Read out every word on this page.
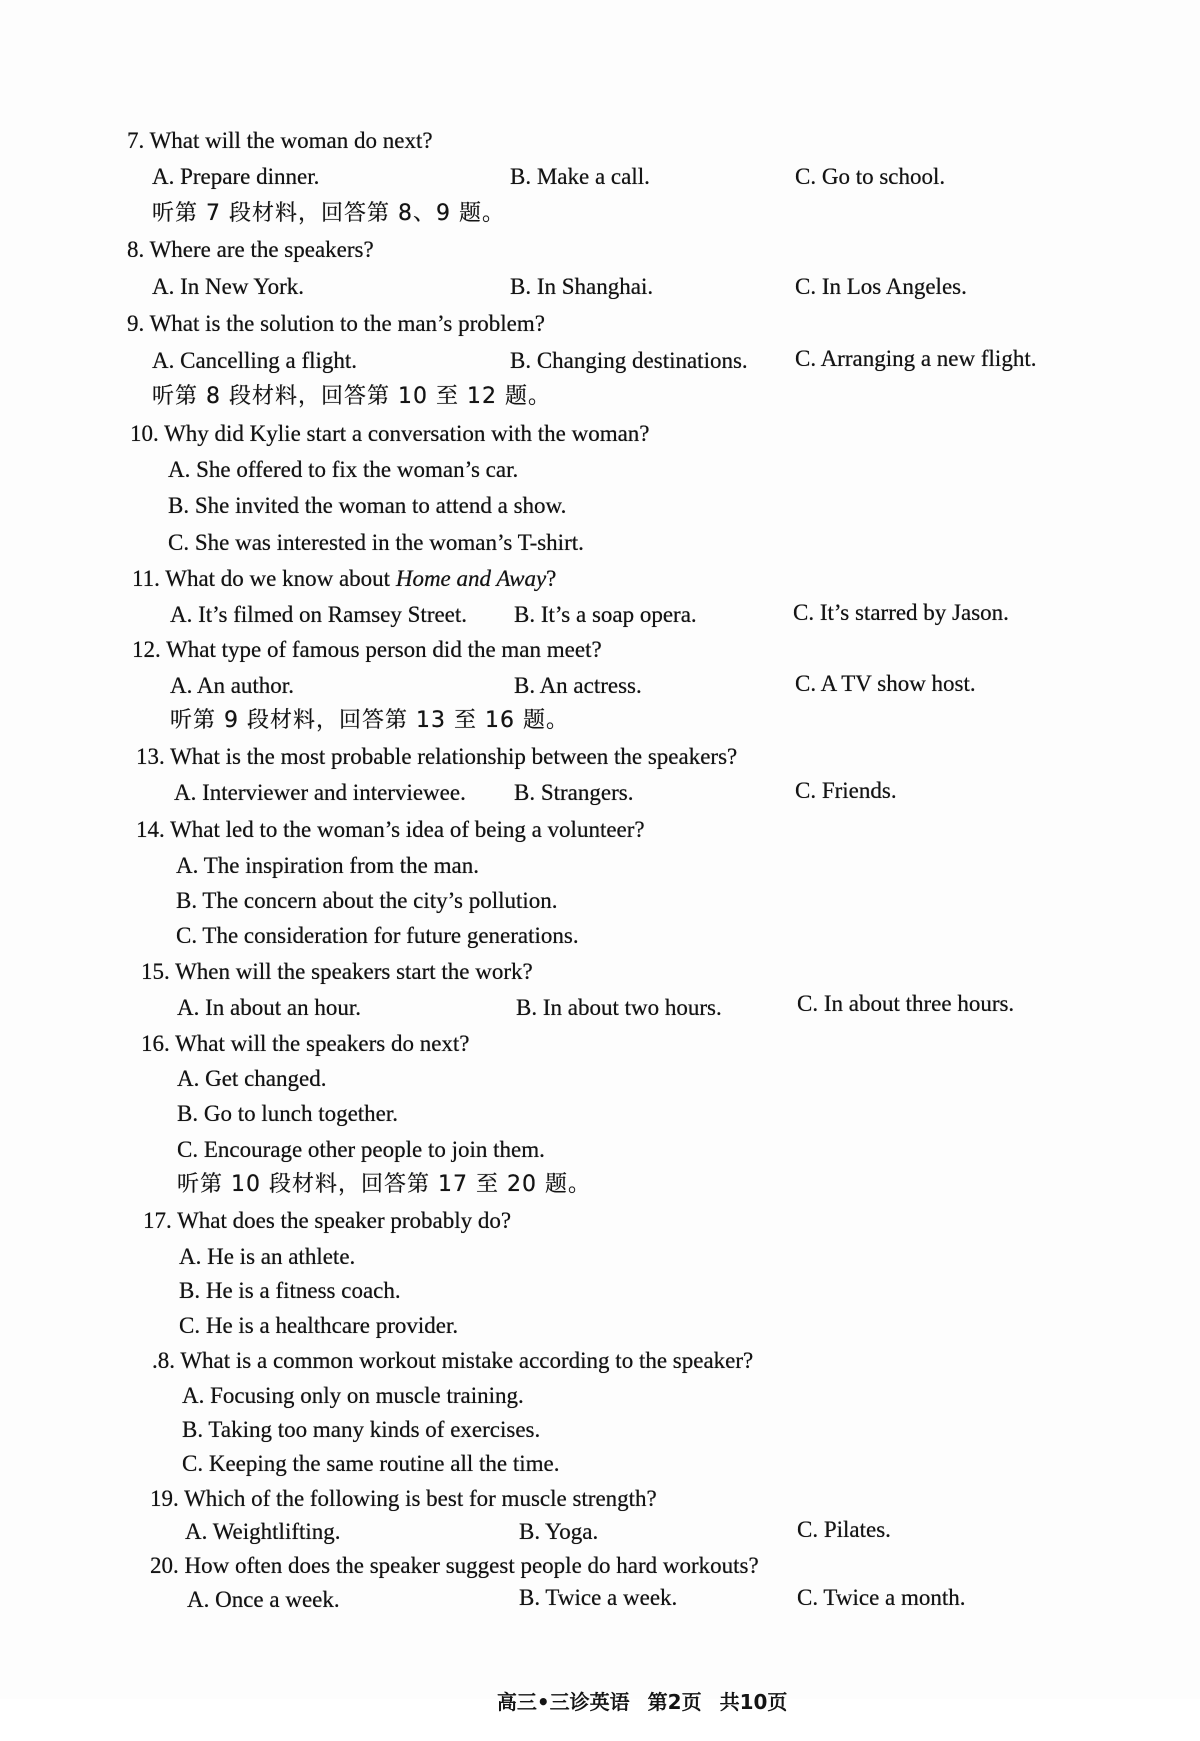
7. What will the woman do next?
A. Prepare dinner.	B. Make a call.	C. Go to school.
听第 7 段材料，回答第 8、9 题。
8. Where are the speakers?
A. In New York.	B. In Shanghai.	C. In Los Angeles.
9. What is the solution to the man’s problem?
A. Cancelling a flight.	B. Changing destinations. C. Arranging a new flight.
听第 8 段材料，回答第 10 至 12 题。
10. Why did Kylie start a conversation with the woman?
A. She offered to fix the woman’s car.
B. She invited the woman to attend a show.
C. She was interested in the woman’s T-shirt.
11. What do we know about Home and Away?
A. It’s filmed on Ramsey Street. B. It’s a soap opera.	C. It’s starred by Jason.
12. What type of famous person did the man meet?
A. An author.	B. An actress.	C. A TV show host.
听第 9 段材料，回答第 13 至 16 题。
13. What is the most probable relationship between the speakers?
A. Interviewer and interviewee. B. Strangers.	C. Friends.
14. What led to the woman’s idea of being a volunteer?
A. The inspiration from the man.
B. The concern about the city’s pollution.
C. The consideration for future generations.
15. When will the speakers start the work?
A. In about an hour.	B. In about two hours.	C. In about three hours.
16. What will the speakers do next?
A. Get changed.
B. Go to lunch together.
C. Encourage other people to join them.
听第 10 段材料，回答第 17 至 20 题。
17. What does the speaker probably do?
A. He is an athlete.
B. He is a fitness coach.
C. He is a healthcare provider.
.8. What is a common workout mistake according to the speaker?
A. Focusing only on muscle training.
B. Taking too many kinds of exercises.
C. Keeping the same routine all the time.
19. Which of the following is best for muscle strength?
A. Weightlifting.	B. Yoga.	C. Pilates.
20. How often does the speaker suggest people do hard workouts?
A. Once a week.	B. Twice a week.	C. Twice a month.

高三•三诊英语 第2页 共10页
